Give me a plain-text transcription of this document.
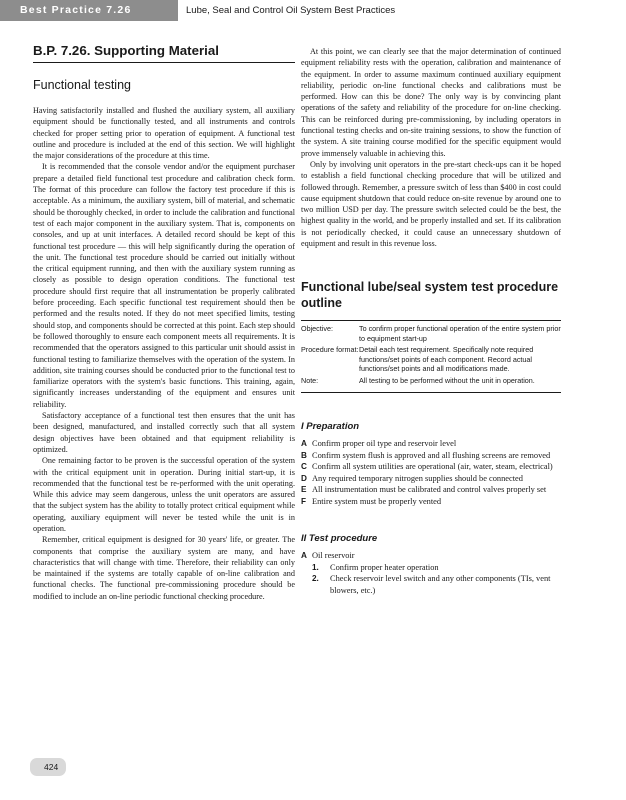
Best Practice 7.26	Lube, Seal and Control Oil System Best Practices
B.P. 7.26. Supporting Material
Functional testing

Having satisfactorily installed and flushed the auxiliary system, all auxiliary equipment should be functionally tested, and all instruments and controls checked for proper setting prior to operation of equipment. A functional test outline and procedure is included at the end of this section. We will highlight the major considerations of the procedure at this time.

It is recommended that the console vendor and/or the equipment purchaser prepare a detailed field functional test procedure and calibration check form. The format of this procedure can follow the factory test procedure if this is acceptable. As a minimum, the auxiliary system, bill of material, and schematic should be thoroughly checked, in order to include the calibration and functional test of each major component in the auxiliary system. That is, components on consoles, and up at unit interfaces. A detailed record should be kept of this functional test procedure — this will help significantly during the operation of the unit. The functional test procedure should be carried out initially without the critical equipment running, and then with the auxiliary system running as closely as possible to design operation conditions. The functional test procedure should first require that all instrumentation be properly calibrated before proceeding. Each specific functional test requirement should then be performed and the results noted. If they do not meet specified limits, testing should stop, and components should be corrected at this point. Each step should be followed thoroughly to ensure each component meets all requirements. It is recommended that the operators assigned to this particular unit should assist in functional testing to familiarize themselves with the operation of the system. In addition, site training courses should be conducted prior to the functional test to familiarize operators with the system's basic functions. This training, again, significantly increases understanding of the equipment and ensures unit reliability.

Satisfactory acceptance of a functional test then ensures that the unit has been designed, manufactured, and installed correctly such that all system design objectives have been obtained and that equipment reliability is optimized.

One remaining factor to be proven is the successful operation of the system with the critical equipment unit in operation. During initial start-up, it is recommended that the functional test be re-performed with the unit operating. While this advice may seem dangerous, unless the unit operators are assured that the subject system has the ability to totally protect critical equipment while operating, auxiliary equipment will never be tested while the unit is in operation.

Remember, critical equipment is designed for 30 years' life, or greater. The components that comprise the auxiliary system are many, and have characteristics that will change with time. Therefore, their reliability can only be maintained if the systems are totally capable of on-line calibration and functional checks. The functional pre-commissioning procedure should be modified to include an on-line periodic functional checking procedure.

At this point, we can clearly see that the major determination of continued equipment reliability rests with the operation, calibration and maintenance of the equipment. In order to assume maximum continued auxiliary equipment reliability, periodic on-line functional checks and calibrations must be performed. How can this be done? The only way is by convincing plant operations of the safety and reliability of the procedure for on-line checking. This can be reinforced during pre-commissioning, by including operators in functional testing checks and on-site training sessions, to show the function of the system. A site training course modified for the specific equipment would prove immensely valuable in achieving this.

Only by involving unit operators in the pre-start check-ups can it be hoped to establish a field functional checking procedure that will be utilized and followed through. Remember, a pressure switch of less than $400 in cost could cause equipment shutdown that could reduce on-site revenue by around one to two million USD per day. The pressure switch selected could be the best, the highest quality in the world, and be properly installed and set. If its calibration is not periodically checked, it could cause an unnecessary shutdown of equipment and result in this revenue loss.

Functional lube/seal system test procedure outline
Objective:	To confirm proper functional operation of the entire system prior to equipment start-up
Procedure format: Detail each test requirement. Specifically note required functions/set points of each component. Record actual functions/set points and all modifications made.
Note:	All testing to be performed without the unit in operation.
I Preparation
A Confirm proper oil type and reservoir level
B Confirm system flush is approved and all flushing screens are removed
C Confirm all system utilities are operational (air, water, steam, electrical)
D Any required temporary nitrogen supplies should be connected
E All instrumentation must be calibrated and control valves properly set
F Entire system must be properly vented
II Test procedure
A Oil reservoir
1.	Confirm proper heater operation
2.	Check reservoir level switch and any other components (TIs, vent blowers, etc.)
424
